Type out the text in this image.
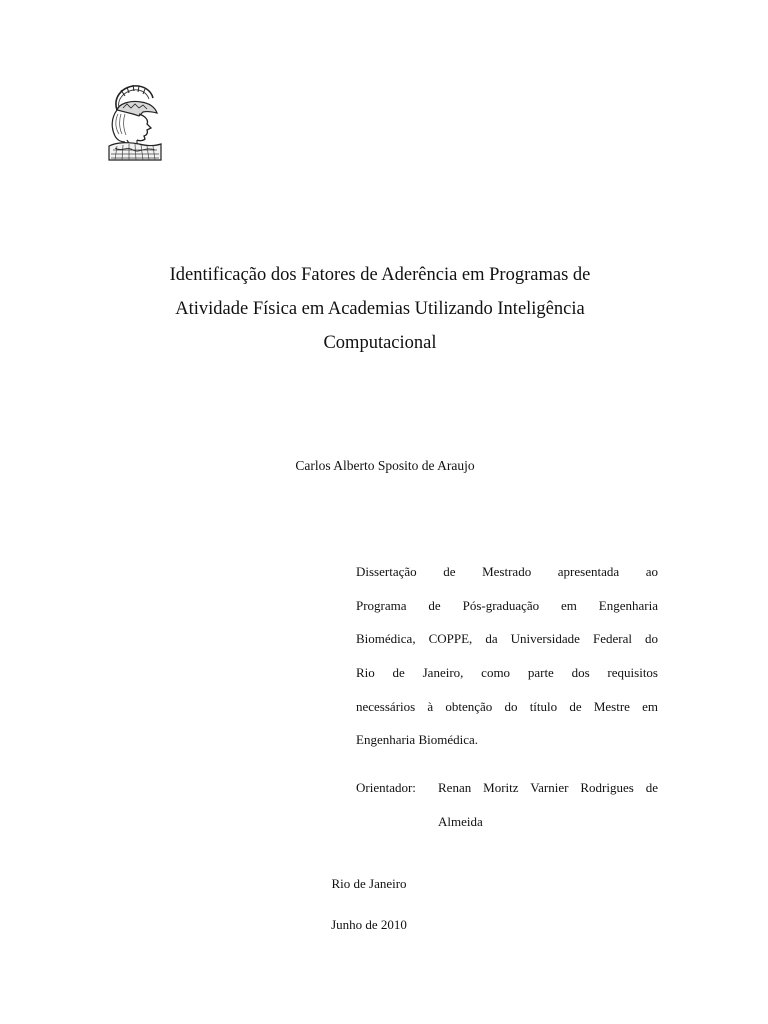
Identificação dos Fatores de Aderência em Programas de
Atividade Física em Academias Utilizando Inteligência
Computacional
Carlos Alberto Sposito de Araujo
Dissertação de Mestrado apresentada ao
Programa de Pós-graduação em Engenharia
Biomédica, COPPE, da Universidade Federal do
Rio de Janeiro, como parte dos requisitos
necessários à obtenção do título de Mestre em
Engenharia Biomédica.
Orientador:	Renan Moritz Varnier Rodrigues de
Almeida
Rio de Janeiro
Junho de 2010
